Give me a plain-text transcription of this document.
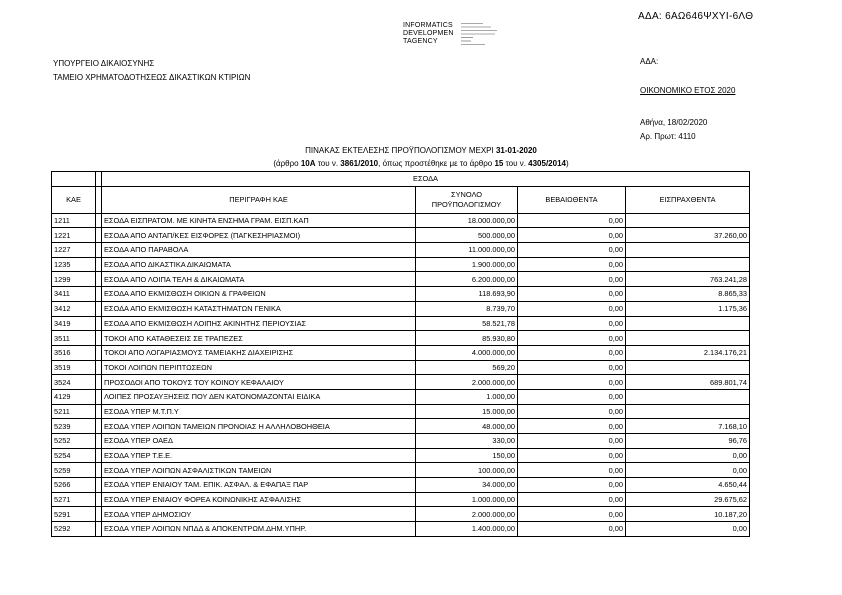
ΑΔΑ: 6ΑΩ646ΨΧΥΙ-6ΛΘ
INFORMATICS
DEVELOPMEN
TAGENCY
ΥΠΟΥΡΓΕΙΟ ΔΙΚΑΙΟΣΥΝΗΣ
ΤΑΜΕΙΟ ΧΡΗΜΑΤΟΔΟΤΗΣΕΩΣ ΔΙΚΑΣΤΙΚΩΝ ΚΤΙΡΙΩΝ
ΑΔΑ:
ΟΙΚΟΝΟΜΙΚΟ ΕΤΟΣ 2020
Αθήνα, 18/02/2020
Αρ. Πρωτ: 4110
ΠΙΝΑΚΑΣ ΕΚΤΕΛΕΣΗΣ ΠΡΟΫΠΟΛΟΓΙΣΜΟΥ ΜΕΧΡΙ 31-01-2020
(άρθρο 10Α του ν. 3861/2010, όπως προστέθηκε με το άρθρο 15 του ν. 4305/2014)
		ΕΣΟΔΑ			
ΚΑΕ		ΠΕΡΙΓΡΑΦΗ ΚΑΕ	ΣΥΝΟΛΟ
ΠΡΟΫΠΟΛΟΓΙΣΜΟΥ	ΒΕΒΑΙΩΘΕΝΤΑ	ΕΙΣΠΡΑΧΘΕΝΤΑ
1211		ΕΣΟΔΑ ΕΙΣΠΡΑΤΟΜ. ΜΕ ΚΙΝΗΤΑ ΕΝΣΗΜΑ ΓΡΑΜ. ΕΙΣΠ.ΚΑΠ	18.000.000,00	0,00	
1221		ΕΣΟΔΑ ΑΠΟ ΑΝΤΑΠ/ΚΕΣ ΕΙΣΦΟΡΕΣ (ΠΑΓΚΕΣΗΡΙΑΣΜΟΙ)	500.000,00	0,00	37.260,00
1227		ΕΣΟΔΑ ΑΠΟ ΠΑΡΑΒΟΛΑ	11.000.000,00	0,00	
1235		ΕΣΟΔΑ ΑΠΟ ΔΙΚΑΣΤΙΚΑ ΔΙΚΑΙΩΜΑΤΑ	1.900.000,00	0,00	
1299		ΕΣΟΔΑ ΑΠΟ ΛΟΙΠΑ ΤΕΛΗ & ΔΙΚΑΙΩΜΑΤΑ	6.200.000,00	0,00	763.241,28
3411		ΕΣΟΔΑ ΑΠΟ ΕΚΜΙΣΘΩΣΗ ΟΙΚΙΩΝ & ΓΡΑΦΕΙΩΝ	118.693,90	0,00	8.865,33
3412		ΕΣΟΔΑ ΑΠΟ ΕΚΜΙΣΘΩΣΗ ΚΑΤΑΣΤΗΜΑΤΩΝ ΓΕΝΙΚΑ	8.739,70	0,00	1.175,36
3419		ΕΣΟΔΑ ΑΠΟ ΕΚΜΙΣΘΩΣΗ ΛΟΙΠΗΣ ΑΚΙΝΗΤΗΣ ΠΕΡΙΟΥΣΙΑΣ	58.521,78	0,00	
3511		ΤΟΚΟΙ ΑΠΟ ΚΑΤΑΘΕΣΕΙΣ ΣΕ ΤΡΑΠΕΖΕΣ	85.930,80	0,00	
3516		ΤΟΚΟΙ ΑΠΟ ΛΟΓΑΡΙΑΣΜΟΥΣ ΤΑΜΕΙΑΚΗΣ ΔΙΑΧΕΙΡΙΣΗΣ	4.000.000,00	0,00	2.134.176,21
3519		ΤΟΚΟΙ ΛΟΙΠΩΝ ΠΕΡΙΠΤΩΣΕΩΝ	569,20	0,00	
3524		ΠΡΟΣΟΔΟΙ ΑΠΟ ΤΟΚΟΥΣ ΤΟΥ ΚΟΙΝΟΥ ΚΕΦΑΛΑΙΟΥ	2.000.000,00	0,00	689.801,74
4129		ΛΟΙΠΕΣ ΠΡΟΣΑΥΞΗΣΕΙΣ ΠΟΥ ΔΕΝ ΚΑΤΟΝΟΜΑΖΟΝΤΑΙ ΕΙΔΙΚΑ	1.000,00	0,00	
5211		ΕΣΟΔΑ ΥΠΕΡ Μ.Τ.Π.Υ	15.000,00	0,00	
5239		ΕΣΟΔΑ ΥΠΕΡ ΛΟΙΠΩΝ ΤΑΜΕΙΩΝ ΠΡΟΝΟΙΑΣ Η ΑΛΛΗΛΟΒΟΗΘΕΙΑ	48.000,00	0,00	7.168,10
5252		ΕΣΟΔΑ ΥΠΕΡ ΟΑΕΔ	330,00	0,00	96,76
5254		ΕΣΟΔΑ ΥΠΕΡ Τ.Ε.Ε.	150,00	0,00	0,00
5259		ΕΣΟΔΑ ΥΠΕΡ ΛΟΙΠΩΝ ΑΣΦΑΛΙΣΤΙΚΩΝ ΤΑΜΕΙΩΝ	100.000,00	0,00	0,00
5266		ΕΣΟΔΑ ΥΠΕΡ ΕΝΙΑΙΟΥ ΤΑΜ. ΕΠΙΚ. ΑΣΦΑΛ. & ΕΦΑΠΑΞ ΠΑΡ	34.000,00	0,00	4.650,44
5271		ΕΣΟΔΑ ΥΠΕΡ ΕΝΙΑΙΟΥ ΦΟΡΕΑ ΚΟΙΝΩΝΙΚΗΣ ΑΣΦΑΛΙΣΗΣ	1.000.000,00	0,00	29.675,62
5291		ΕΣΟΔΑ ΥΠΕΡ ΔΗΜΟΣΙΟΥ	2.000.000,00	0,00	10.187,20
5292		ΕΣΟΔΑ ΥΠΕΡ ΛΟΙΠΩΝ ΝΠΔΔ & ΑΠΟΚΕΝΤΡΩΜ.ΔΗΜ.ΥΠΗΡ.	1.400.000,00	0,00	0,00
